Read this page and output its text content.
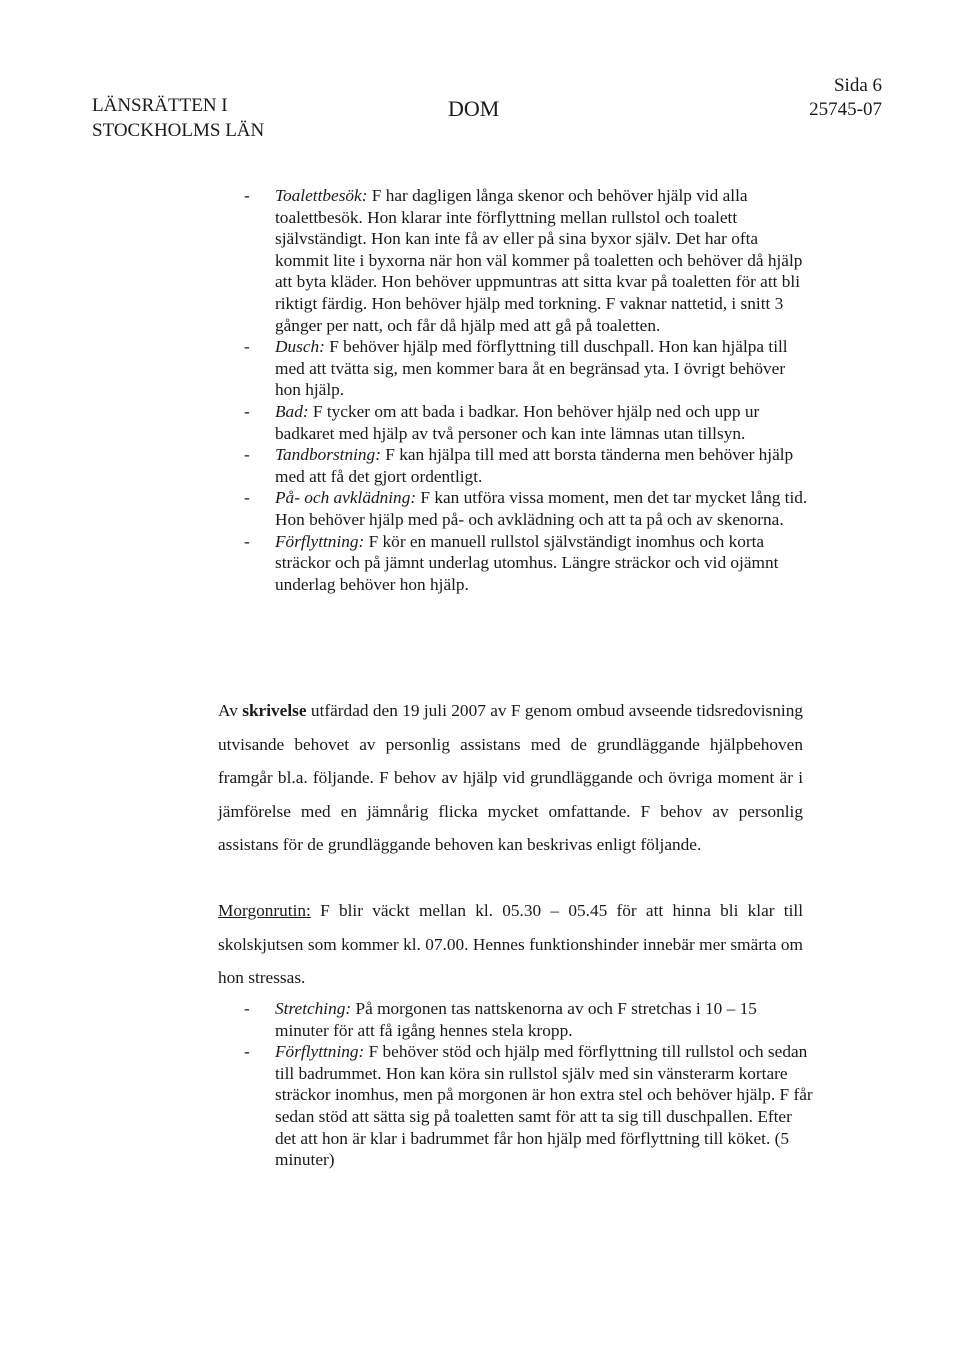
LÄNSRÄTTEN I
STOCKHOLMS LÄN
DOM
Sida 6
25745-07
- Toalettbesök: F har dagligen långa skenor och behöver hjälp vid alla toalettbesök. Hon klarar inte förflyttning mellan rullstol och toalett självständigt. Hon kan inte få av eller på sina byxor själv. Det har ofta kommit lite i byxorna när hon väl kommer på toaletten och behöver då hjälp att byta kläder. Hon behöver uppmuntras att sitta kvar på toaletten för att bli riktigt färdig. Hon behöver hjälp med torkning. F vaknar nattetid, i snitt 3 gånger per natt, och får då hjälp med att gå på toaletten.
- Dusch: F behöver hjälp med förflyttning till duschpall. Hon kan hjälpa till med att tvätta sig, men kommer bara åt en begränsad yta. I övrigt behöver hon hjälp.
- Bad: F tycker om att bada i badkar. Hon behöver hjälp ned och upp ur badkaret med hjälp av två personer och kan inte lämnas utan tillsyn.
- Tandborstning: F kan hjälpa till med att borsta tänderna men behöver hjälp med att få det gjort ordentligt.
- På- och avklädning: F kan utföra vissa moment, men det tar mycket lång tid. Hon behöver hjälp med på- och avklädning och att ta på och av skenorna.
- Förflyttning: F kör en manuell rullstol självständigt inomhus och korta sträckor och på jämnt underlag utomhus. Längre sträckor och vid ojämnt underlag behöver hon hjälp.

Av skrivelse utfärdad den 19 juli 2007 av F genom ombud avseende tidsredovisning utvisande behovet av personlig assistans med de grundläggande hjälpbehoven framgår bl.a. följande. F behov av hjälp vid grundläggande och övriga moment är i jämförelse med en jämnårig flicka mycket omfattande. F behov av personlig assistans för de grundläggande behoven kan beskrivas enligt följande.

Morgonrutin: F blir väckt mellan kl. 05.30 – 05.45 för att hinna bli klar till skolskjutsen som kommer kl. 07.00. Hennes funktionshinder innebär mer smärta om hon stressas.

- Stretching: På morgonen tas nattskenorna av och F stretchas i 10 – 15 minuter för att få igång hennes stela kropp.
- Förflyttning: F behöver stöd och hjälp med förflyttning till rullstol och sedan till badrummet. Hon kan köra sin rullstol själv med sin vänsterarm kortare sträckor inomhus, men på morgonen är hon extra stel och behöver hjälp. F får sedan stöd att sätta sig på toaletten samt för att ta sig till duschpallen. Efter det att hon är klar i badrummet får hon hjälp med förflyttning till köket. (5 minuter)
